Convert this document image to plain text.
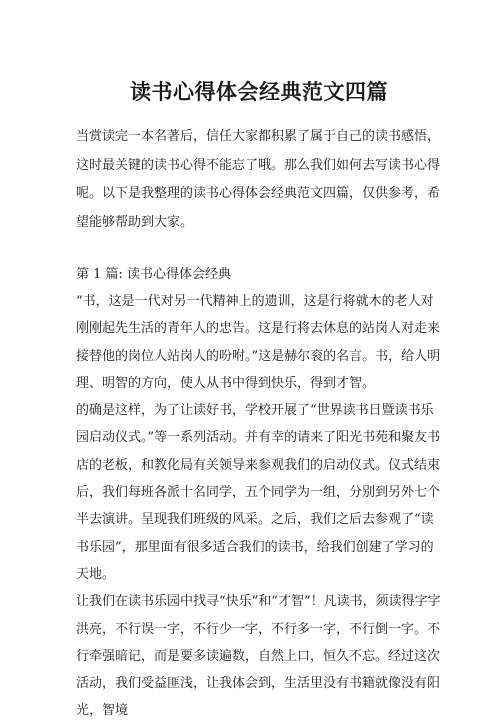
读书心得体会经典范文四篇

当赏读完一本名著后，信任大家都积累了属于自己的读书感悟，这时最关键的读书心得不能忘了哦。那么我们如何去写读书心得呢。以下是我整理的读书心得体会经典范文四篇，仅供参考，希望能够帮助到大家。

第 1 篇: 读书心得体会经典

“书，这是一代对另一代精神上的遗训，这是行将就木的老人对刚刚起先生活的青年人的忠告。这是行将去休息的站岗人对走来接替他的岗位人站岗人的吩咐。”这是赫尔衮的名言。书，给人明理、明智的方向，使人从书中得到快乐，得到才智。

的确是这样，为了让读好书，学校开展了“世界读书日暨读书乐园启动仪式。”等一系列活动。并有幸的请来了阳光书苑和聚友书店的老板，和教化局有关领导来参观我们的启动仪式。仪式结束后，我们每班各派十名同学，五个同学为一组，分别到另外七个半去演讲。呈现我们班级的风采。之后，我们之后去参观了“读书乐园”，那里面有很多适合我们的读书，给我们创建了学习的天地。

让我们在读书乐园中找寻“快乐”和“才智”！凡读书，须读得字字洪亮，不行误一字，不行少一字，不行多一字，不行倒一字。不行牵强暗记，而是要多读遍数，自然上口，恒久不忘。经过这次活动，我们受益匪浅，让我体会到，生活里没有书籍就像没有阳光，智境
